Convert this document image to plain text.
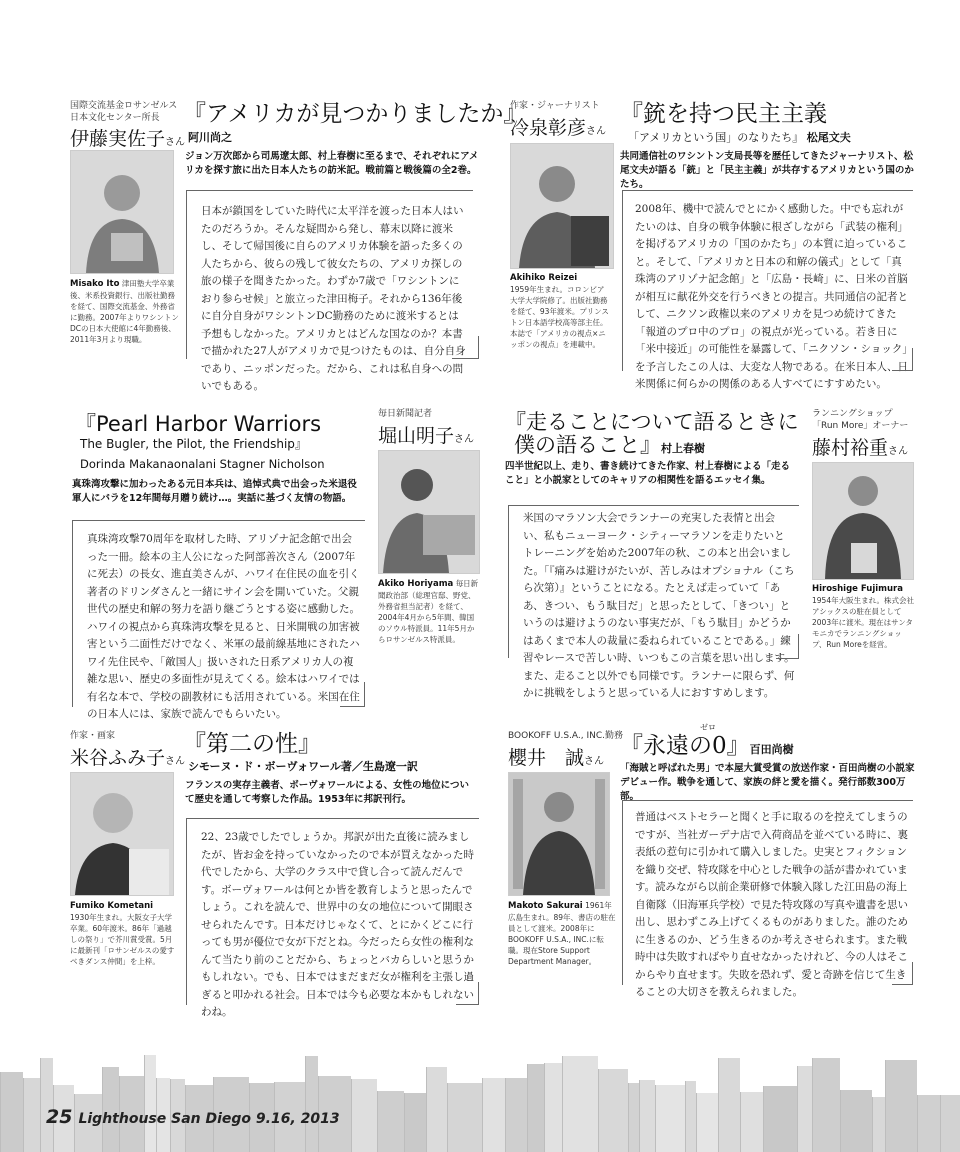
国際交流基金ロサンゼルス
日本文化センター所長
伊藤実佐子さん
Misako Ito 津田塾大学卒業後、米系投資銀行、出版社勤務を経て、国際交流基金、外務省に勤務。2007年よりワシントンDCの日本大使館に4年勤務後、2011年3月より現職。
『アメリカが見つかりましたか』
阿川尚之
ジョン万次郎から司馬遼太郎、村上春樹に至るまで、それぞれにアメリカを探す旅に出た日本人たちの訪米記。戦前篇と戦後篇の全2巻。
日本が鎖国をしていた時代に太平洋を渡った日本人はいたのだろうか。そんな疑問から発し、幕末以降に渡米し、そして帰国後に自らのアメリカ体験を語った多くの人たちから、彼らの残して彼女たちの、アメリカ探しの旅の様子を聞きたかった。わずか7歳で「ワシントンにおり参らせ候」と旅立った津田梅子。それから136年後に自分自身がワシントンDC勤務のために渡米するとは予想もしなかった。アメリカとはどんな国なのか？本書で描かれた27人がアメリカで見つけたものは、自分自身であり、ニッポンだった。だから、これは私自身への問いでもある。
作家・ジャーナリスト
冷泉彰彦さん
Akihiko Reizei
1959年生まれ。コロンビア大学大学院修了。出版社勤務を経て、93年渡米。プリンストン日本語学校高等部主任。本誌で「アメリカの視点×ニッポンの視点」を連載中。
『銃を持つ民主主義
「アメリカという国」のなりたち』 松尾文夫
共同通信社のワシントン支局長等を歴任してきたジャーナリスト、松尾文夫が語る「銃」と「民主主義」が共存するアメリカという国のかたち。
2008年、機中で読んでとにかく感動した。中でも忘れがたいのは、自身の戦争体験に根ざしながら「武装の権利」を掲げるアメリカの「国のかたち」の本質に迫っていること。そして、「アメリカと日本の和解の儀式」として「真珠湾のアリゾナ記念館」と「広島・長崎」に、日米の首脳が相互に献花外交を行うべきとの提言。共同通信の記者として、ニクソン政権以来のアメリカを見つめ続けてきた「報道のプロ中のプロ」の視点が光っている。若き日に「米中接近」の可能性を暴露して、「ニクソン・ショック」を予言したこの人は、大変な人物である。在米日本人、日米関係に何らかの関係のある人すべてにすすめたい。
『Pearl Harbor Warriors
The Bugler, the Pilot, the Friendship』
Dorinda Makanaonalani Stagner Nicholson
真珠湾攻撃に加わったある元日本兵は、追悼式典で出会った米退役軍人にバラを12年間毎月贈り続け…。実話に基づく友情の物語。
真珠湾攻撃70周年を取材した時、アリゾナ記念館で出会った一冊。絵本の主人公になった阿部善次さん（2007年に死去）の長女、進直美さんが、ハワイ在住民の血を引く著者のドリンダさんと一緒にサイン会を開いていた。父親世代の歴史和解の努力を語り継ごうとする姿に感動した。ハワイの視点から真珠湾攻撃を見ると、日米開戦の加害被害という二面性だけでなく、米軍の最前線基地にされたハワイ先住民や、「敵国人」扱いされた日系アメリカ人の複雑な思い、歴史の多面性が見えてくる。絵本はハワイでは有名な本で、学校の副教材にも活用されている。米国在住の日本人には、家族で読んでもらいたい。
毎日新聞記者
堀山明子さん
Akiko Horiyama 毎日新聞政治部（総理官邸、野党、外務省担当記者）を経て、2004年4月から5年間、韓国のソウル特派員。11年5月からロサンゼルス特派員。
『走ることについて語るときに
僕の語ること』村上春樹
四半世紀以上、走り、書き続けてきた作家、村上春樹による「走ること」と小説家としてのキャリアの相関性を語るエッセイ集。
米国のマラソン大会でランナーの充実した表情と出会い、私もニューヨーク・シティーマラソンを走りたいとトレーニングを始めた2007年の秋、この本と出会いました。「『痛みは避けがたいが、苦しみはオプショナル（こちら次第）』ということになる。たとえば走っていて「ああ、きつい、もう駄目だ」と思ったとして、「きつい」というのは避けようのない事実だが、「もう駄目」かどうかはあくまで本人の裁量に委ねられていることである。」練習やレースで苦しい時、いつもこの言葉を思い出します。また、走ること以外でも同様です。ランナーに限らず、何かに挑戦をしようと思っている人におすすめします。
ランニングショップ
「Run More」オーナー
藤村裕重さん
Hiroshige Fujimura 1954年大阪生まれ。株式会社アシックスの駐在員として2003年に渡米。現在はサンタモニカでランニングショップ、Run Moreを経営。
作家・画家
米谷ふみ子さん
Fumiko Kometani
1930年生まれ。大阪女子大学卒業。60年渡米。86年「過越しの祭り」で芥川賞受賞。5月に最新刊「ロサンゼルスの愛すべきダンス仲間」を上梓。
『第二の性』
シモーヌ・ド・ボーヴォワール著／生島遼一訳
フランスの実存主義者、ボーヴォワールによる、女性の地位について歴史を通して考察した作品。1953年に邦訳刊行。
22、23歳でしたでしょうか。邦訳が出た直後に読みましたが、皆お金を持っていなかったので本が買えなかった時代でしたから、大学のクラス中で貸し合って読んだんです。ボーヴォワールは何とか皆を教育しようと思ったんでしょう。これを読んで、世界中の女の地位について開眼させられたんです。日本だけじゃなくて、とにかくどこに行っても男が優位で女が下だとね。今だったら女性の権利なんて当たり前のことだから、ちょっとバカらしいと思うかもしれない。でも、日本ではまだまだ女が権利を主張し過ぎると叩かれる社会。日本では今も必要な本かもしれないわね。
BOOKOFF U.S.A., INC.勤務
櫻井　誠さん
Makoto Sakurai 1961年広島生まれ。89年、書店の駐在員として渡米。2008年にBOOKOFF U.S.A., INC.に転職。現在Store Support Department Manager。
ゼロ
『永遠の0』百田尚樹
「海賊と呼ばれた男」で本屋大賞受賞の放送作家・百田尚樹の小説家デビュー作。戦争を通して、家族の絆と愛を描く。発行部数300万部。
普通はベストセラーと聞くと手に取るのを控えてしまうのですが、当社ガーデナ店で入荷商品を並べている時に、裏表紙の惹句に引かれて購入しました。史実とフィクションを織り交ぜ、特攻隊を中心とした戦争の話が書かれています。読みながら以前企業研修で体験入隊した江田島の海上自衛隊（旧海軍兵学校）で見た特攻隊の写真や遺書を思い出し、思わずこみ上げてくるものがありました。誰のために生きるのか、どう生きるのか考えさせられます。また戦時中は失敗すればやり直せなかったけれど、今の人はそこからやり直せます。失敗を恐れず、愛と奇跡を信じて生きることの大切さを教えられました。
25 Lighthouse San Diego 9.16, 2013
